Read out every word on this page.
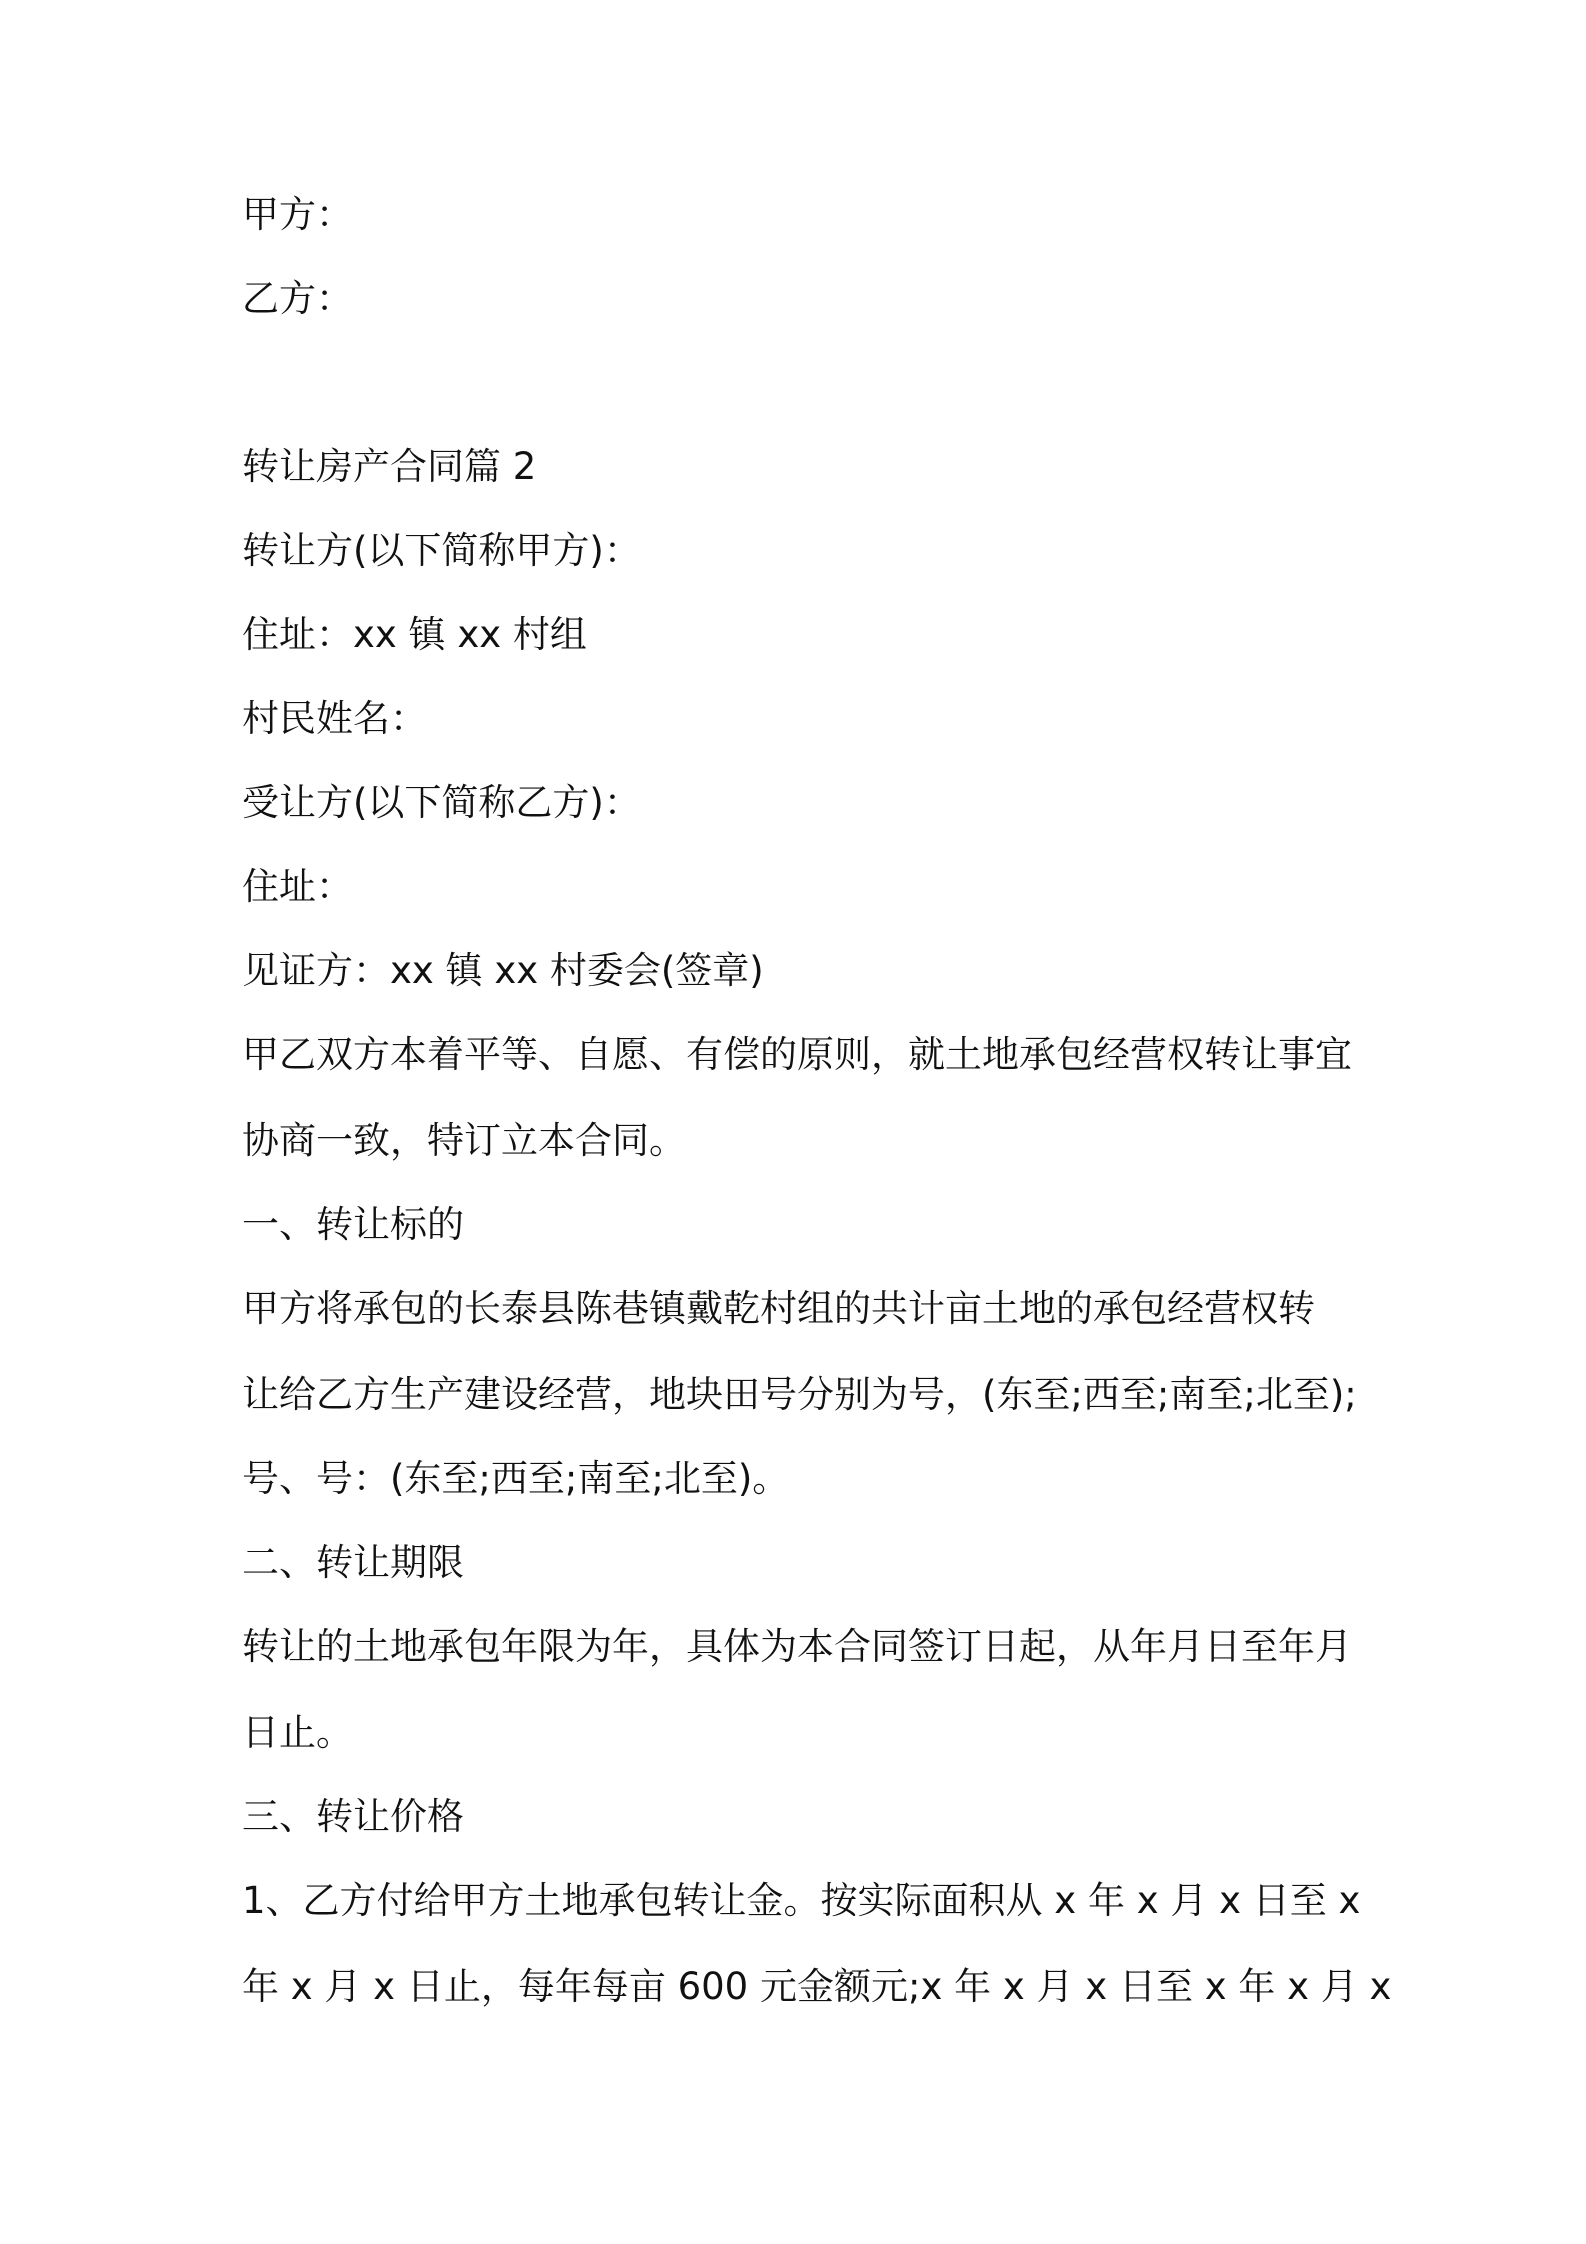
甲方：
乙方：
转让房产合同篇 2
转让方(以下简称甲方)：
住址：xx 镇 xx 村组
村民姓名：
受让方(以下简称乙方)：
住址：
见证方：xx 镇 xx 村委会(签章)
甲乙双方本着平等、自愿、有偿的原则，就土地承包经营权转让事宜
协商一致，特订立本合同。
一、转让标的
甲方将承包的长泰县陈巷镇戴乾村组的共计亩土地的承包经营权转
让给乙方生产建设经营，地块田号分别为号，(东至;西至;南至;北至);
号、号：(东至;西至;南至;北至)。
二、转让期限
转让的土地承包年限为年，具体为本合同签订日起，从年月日至年月
日止。
三、转让价格
1、乙方付给甲方土地承包转让金。按实际面积从 x 年 x 月 x 日至 x
年 x 月 x 日止，每年每亩 600 元金额元;x 年 x 月 x 日至 x 年 x 月 x
